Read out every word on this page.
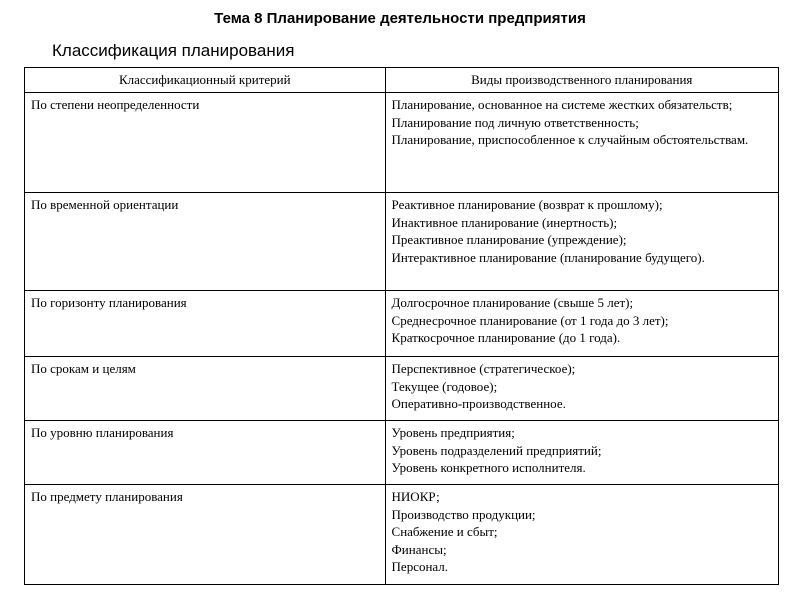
Тема 8 Планирование деятельности предприятия
Классификация планирования
Классификационный критерий	Виды производственного планирования
По степени неопределенности	Планирование, основанное на системе жестких обязательств;
Планирование под личную ответственность;
Планирование, приспособленное к случайным обстоятельствам.

По временной ориентации	Реактивное планирование (возврат к прошлому);
Инактивное планирование (инертность);
Преактивное планирование (упреждение);
Интерактивное планирование (планирование будущего).

По горизонту планирования	Долгосрочное планирование (свыше 5 лет);
Среднесрочное планирование (от 1 года до 3 лет);
Краткосрочное планирование (до 1 года).

По срокам и целям	Перспективное (стратегическое);
Текущее (годовое);
Оперативно-производственное.

По уровню планирования	Уровень предприятия;
Уровень подразделений предприятий;
Уровень конкретного исполнителя.

По предмету планирования	НИОКР;
Производство продукции;
Снабжение и сбыт;
Финансы;
Персонал.
